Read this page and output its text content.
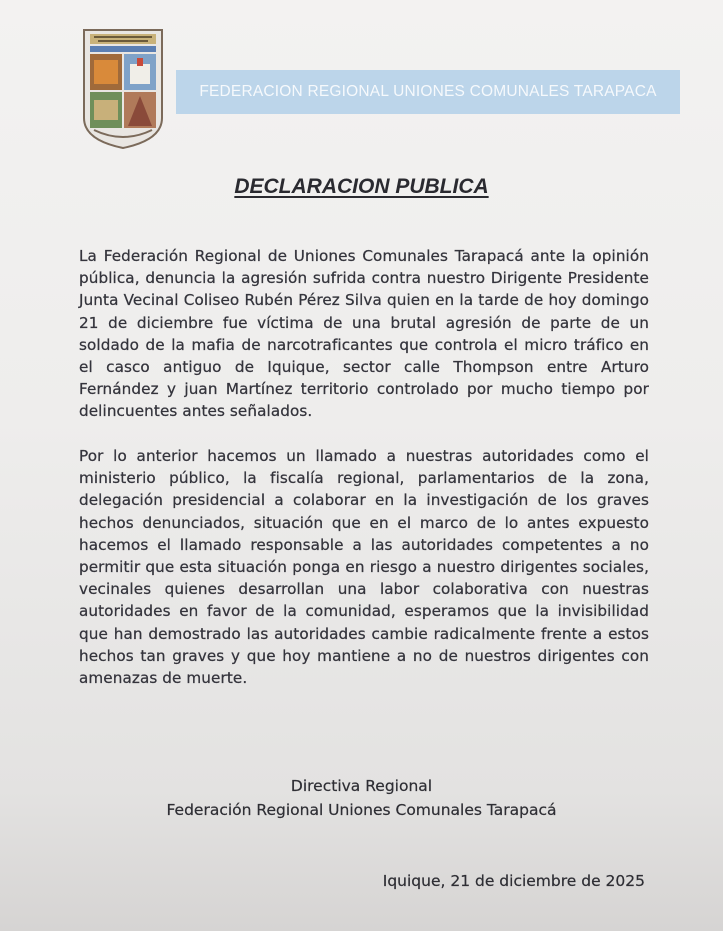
FEDERACION REGIONAL UNIONES COMUNALES TARAPACA
DECLARACION PUBLICA
La Federación Regional de Uniones Comunales Tarapacá ante la opinión pública, denuncia la agresión sufrida contra nuestro Dirigente Presidente Junta Vecinal Coliseo Rubén Pérez Silva quien en la tarde de hoy domingo 21 de diciembre fue víctima de una brutal agresión de parte de un soldado de la mafia de narcotraficantes que controla el micro tráfico en el casco antiguo de Iquique, sector calle Thompson entre Arturo Fernández y juan Martínez territorio controlado por mucho tiempo por delincuentes antes señalados.
Por lo anterior hacemos un llamado a nuestras autoridades como el ministerio público, la fiscalía regional, parlamentarios de la zona, delegación presidencial a colaborar en la investigación de los graves hechos denunciados, situación que en el marco de lo antes expuesto hacemos el llamado responsable a las autoridades competentes a no permitir que esta situación ponga en riesgo a nuestro dirigentes sociales, vecinales quienes desarrollan una labor colaborativa con nuestras autoridades en favor de la comunidad, esperamos que la invisibilidad que han demostrado las autoridades cambie radicalmente frente a estos hechos tan graves y que hoy mantiene a no de nuestros dirigentes con amenazas de muerte.
Directiva Regional
Federación Regional Uniones Comunales Tarapacá
Iquique, 21 de diciembre de 2025
